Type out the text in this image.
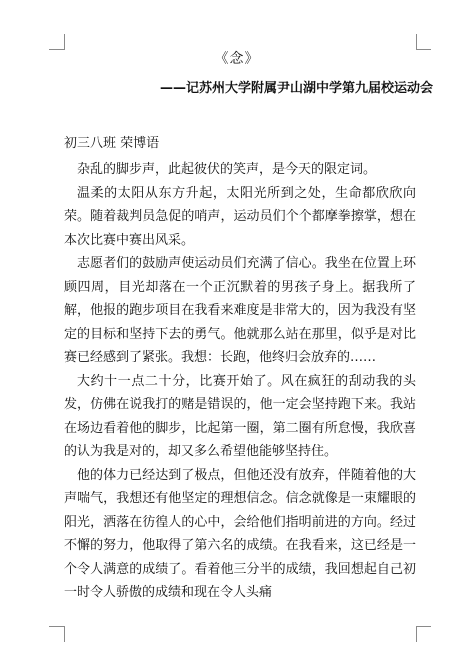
《念》
——记苏州大学附属尹山湖中学第九届校运动会
初三八班 荣博语

杂乱的脚步声，此起彼伏的笑声，是今天的限定词。

温柔的太阳从东方升起，太阳光所到之处，生命都欣欣向荣。随着裁判员急促的哨声，运动员们个个都摩拳擦掌，想在本次比赛中赛出风采。

志愿者们的鼓励声使运动员们充满了信心。我坐在位置上环顾四周，目光却落在一个正沉默着的男孩子身上。据我所了解，他报的跑步项目在我看来难度是非常大的，因为我没有坚定的目标和坚持下去的勇气。他就那么站在那里，似乎是对比赛已经感到了紧张。我想：长跑，他终归会放弃的……

大约十一点二十分，比赛开始了。风在疯狂的刮动我的头发，仿佛在说我打的赌是错误的，他一定会坚持跑下来。我站在场边看着他的脚步，比起第一圈，第二圈有所怠慢，我欣喜的认为我是对的，却又多么希望他能够坚持住。

他的体力已经达到了极点，但他还没有放弃，伴随着他的大声喘气，我想还有他坚定的理想信念。信念就像是一束耀眼的阳光，洒落在彷徨人的心中，会给他们指明前进的方向。经过不懈的努力，他取得了第六名的成绩。在我看来，这已经是一个令人满意的成绩了。看着他三分半的成绩，我回想起自己初一时令人骄傲的成绩和现在令人头痛
